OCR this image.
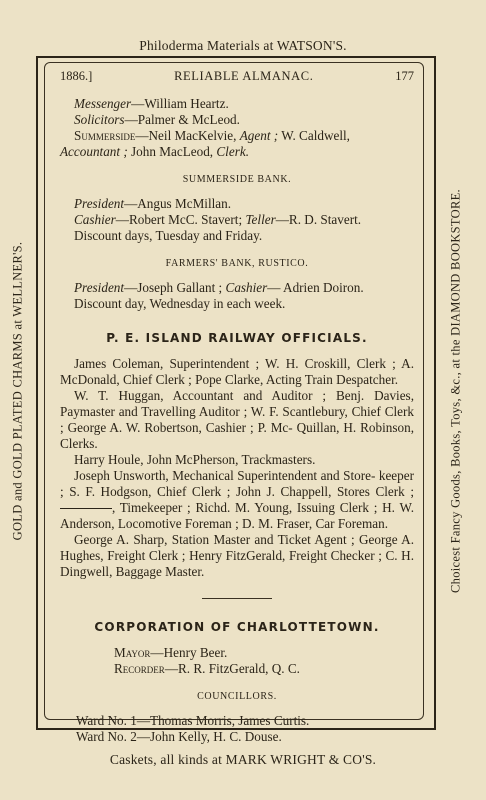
Philoderma Materials at WATSON'S.
GOLD and GOLD PLATED CHARMS at WELLNER'S.	Choicest Fancy Goods, Books, Toys, &c., at the DIAMOND BOOKSTORE.
1886.]	RELIABLE ALMANAC.	177

Messenger—William Heartz.

Solicitors—Palmer & McLeod.

Summerside—Neil MacKelvie, Agent ; W. Caldwell,

Accountant ; John MacLeod, Clerk.

SUMMERSIDE BANK.

President—Angus McMillan.

Cashier—Robert McC. Stavert; Teller—R. D. Stavert.

Discount days, Tuesday and Friday.

FARMERS' BANK, RUSTICO.

President—Joseph Gallant ; Cashier— Adrien Doiron.

Discount day, Wednesday in each week.

P. E. ISLAND RAILWAY OFFICIALS.

James Coleman, Superintendent ; W. H. Croskill, Clerk ; A. McDonald, Chief Clerk ; Pope Clarke, Acting Train Despatcher.

W. T. Huggan, Accountant and Auditor ; Benj. Davies, Paymaster and Travelling Auditor ; W. F. Scantlebury, Chief Clerk ; George A. W. Robertson, Cashier ; P. Mc- Quillan, H. Robinson, Clerks.

Harry Houle, John McPherson, Trackmasters.

Joseph Unsworth, Mechanical Superintendent and Store- keeper ; S. F. Hodgson, Chief Clerk ; John J. Chappell, Stores Clerk ; , Timekeeper ; Richd. M. Young, Issuing Clerk ; H. W. Anderson, Locomotive Foreman ; D. M. Fraser, Car Foreman.

George A. Sharp, Station Master and Ticket Agent ; George A. Hughes, Freight Clerk ; Henry FitzGerald, Freight Checker ; C. H. Dingwell, Baggage Master.

CORPORATION OF CHARLOTTETOWN.

Mayor—Henry Beer.

Recorder—R. R. FitzGerald, Q. C.

COUNCILLORS.

Ward No. 1—Thomas Morris, James Curtis.

Ward No. 2—John Kelly, H. C. Douse.

Caskets, all kinds at MARK WRIGHT & CO'S.
